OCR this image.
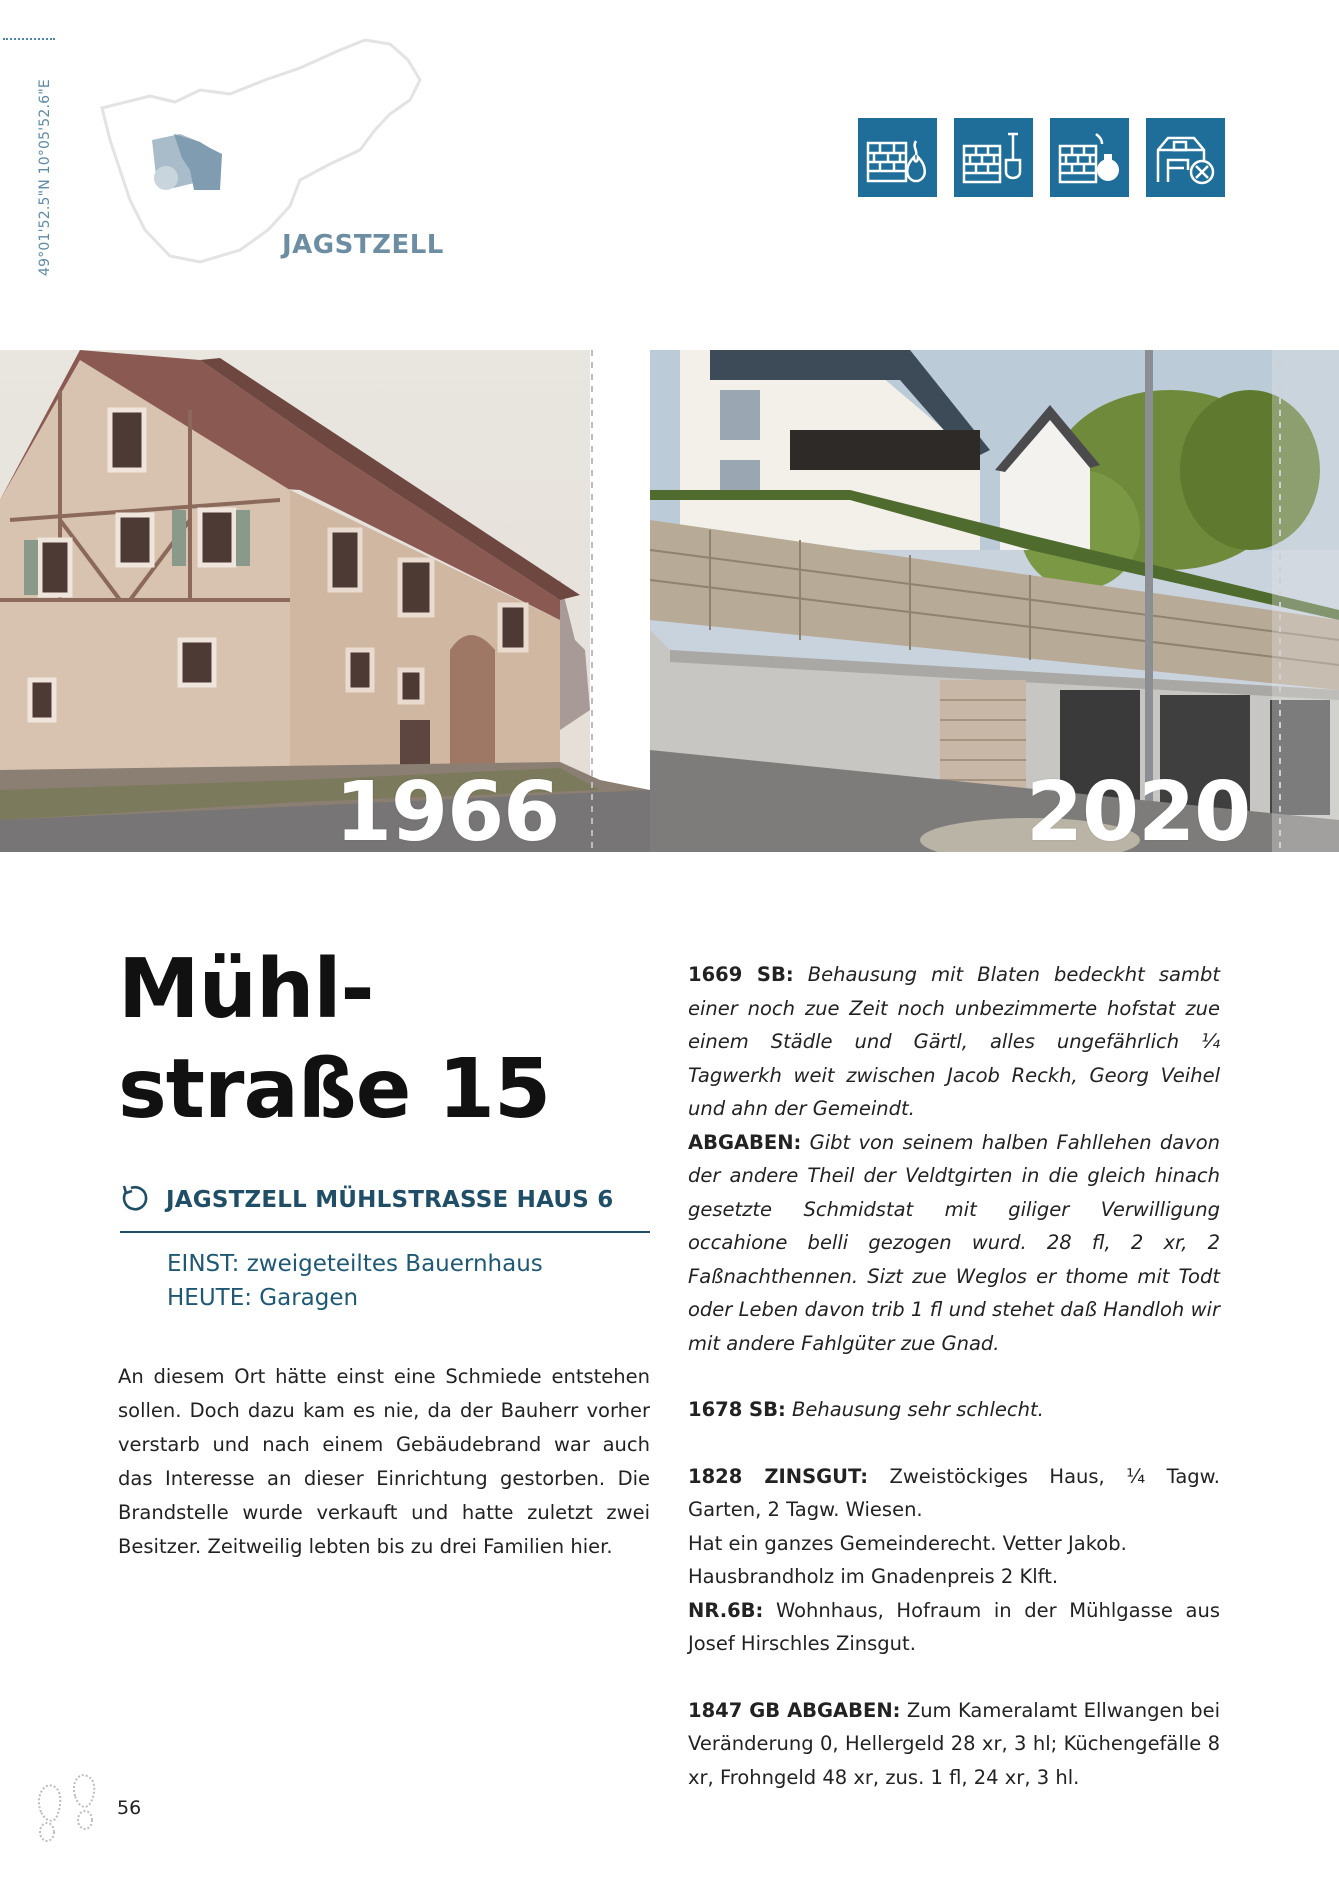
49°01'52.5"N 10°05'52.6"E	JAGSTZELL
1966	2020
Mühl-
straße 15
JAGSTZELL MÜHLSTRASSE HAUS 6
EINST: zweigeteiltes Bauernhaus
HEUTE: Garagen
An diesem Ort hätte einst eine Schmiede entstehen sollen. Doch dazu kam es nie, da der Bauherr vorher verstarb und nach einem Gebäudebrand war auch das Interesse an dieser Einrichtung gestorben. Die Brandstelle wurde verkauft und hatte zuletzt zwei Besitzer. Zeitweilig lebten bis zu drei Familien hier.

1669 SB: Behausung mit Blaten bedeckht sambt einer noch zue Zeit noch unbezimmerte hofstat zue einem Städle und Gärtl, alles ungefährlich ¼ Tagwerkh weit zwischen Jacob Reckh, Georg Veihel und ahn der Gemeindt.

ABGABEN: Gibt von seinem halben Fahllehen davon der andere Theil der Veldtgirten in die gleich hinach gesetzte Schmidstat mit giliger Verwilligung occahione belli gezogen wurd. 28 fl, 2 xr, 2 Faßnachthennen. Sizt zue Weglos er thome mit Todt oder Leben davon trib 1 fl und stehet daß Handloh wir mit andere Fahlgüter zue Gnad.

1678 SB: Behausung sehr schlecht.

1828 ZINSGUT: Zweistöckiges Haus, ¼ Tagw. Garten, 2 Tagw. Wiesen.

Hat ein ganzes Gemeinderecht. Vetter Jakob.

Hausbrandholz im Gnadenpreis 2 Klft.

NR.6B: Wohnhaus, Hofraum in der Mühlgasse aus Josef Hirschles Zinsgut.

1847 GB ABGABEN: Zum Kameralamt Ellwangen bei Veränderung 0, Hellergeld 28 xr, 3 hl; Küchengefälle 8 xr, Frohngeld 48 xr, zus. 1 fl, 24 xr, 3 hl.

56
